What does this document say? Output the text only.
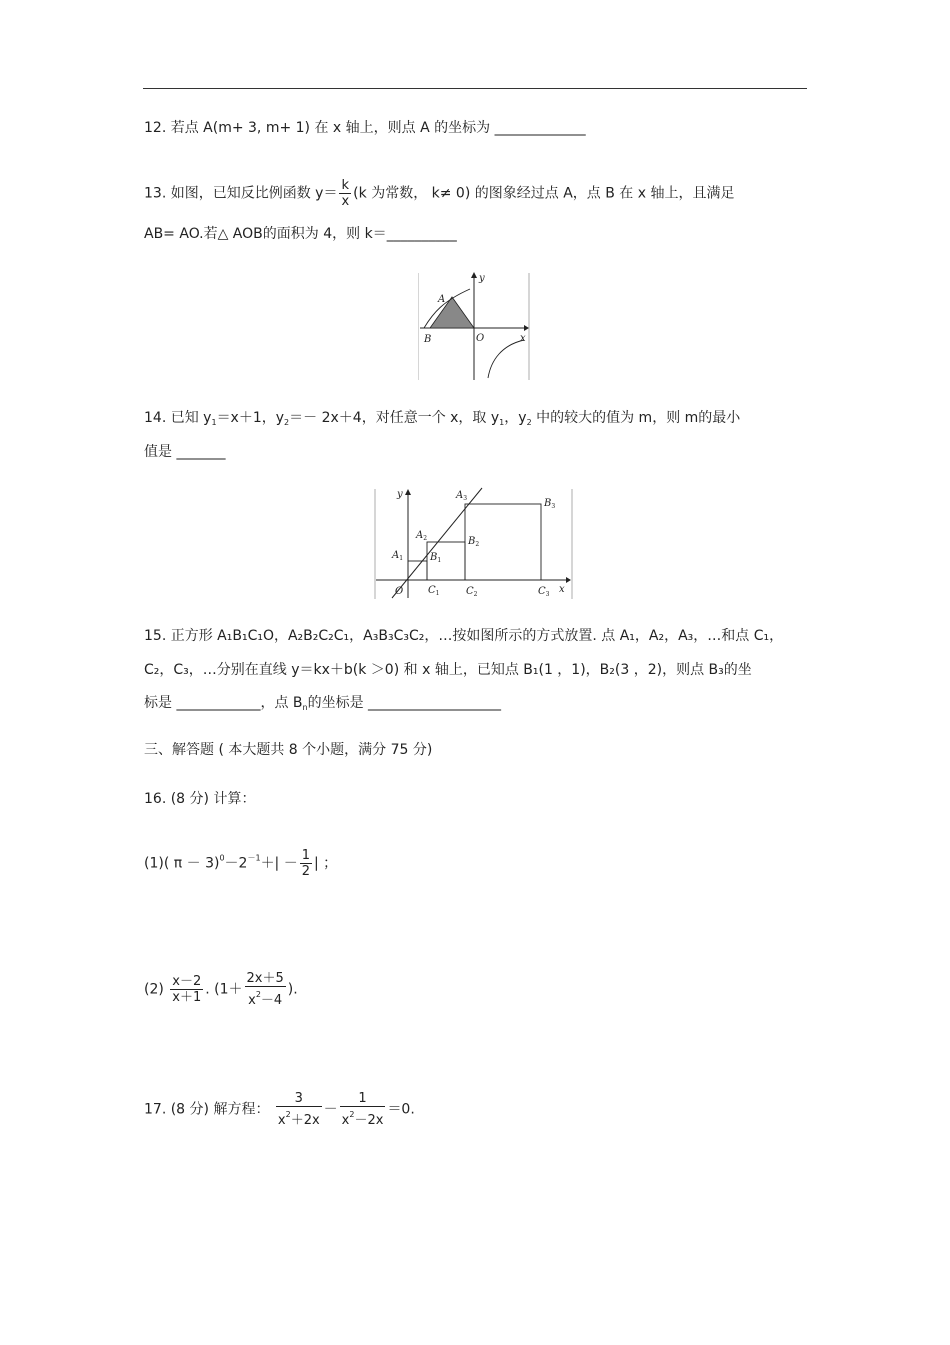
12. 若点 A(m+ 3, m+ 1) 在 x 轴上，则点 A 的坐标为 _____________
13. 如图，已知反比例函数 $y= \frac{k}{x} (k$ 为常数， k≠ 0) 的图象经过点 A，点 B 在 x 轴上，且满足
AB= AO.若△ AOB的面积为 4，则 k＝__________
A
B	O	x
y
14. 已知 $y_1=x+1$，$y_2=- 2x+4$，对任意一个 x，取 $y_1$，$y_2$ 中的较大的值为 m，则 m的最小
值是 _______
y
x
O
$A_1$
$A_2$
$A_3$
$B_1$
$B_2$
$B_3$
$C_1$	$C_2$	$C_3$
15. 正方形 A₁B₁C₁O，A₂B₂C₂C₁，A₃B₃C₃C₂，…按如图所示的方式放置. 点 A₁，A₂，A₃，…和点 C₁，
C₂，C₃，…分别在直线 y＝kx＋b(k ＞0) 和 x 轴上，已知点 B₁(1 ，1)，B₂(3 ，2)，则点 B₃的坐
标是 ____________，点 $B_n$的坐标是 ___________________
三、解答题 ( 本大题共 8 个小题，满分 75 分)
16. (8 分) 计算：
(1)( $\pi - 3)^0-2^{-1}+| - \frac{1}{2}$ | ；
$(2) \frac{x-2}{x+1}$ . ($1+ \frac{2x+5}{x^2-4}$ ).
17. (8 分) 解方程： $\frac{3}{x^2+2x} - \frac{1}{x^2-2x} =0$.
